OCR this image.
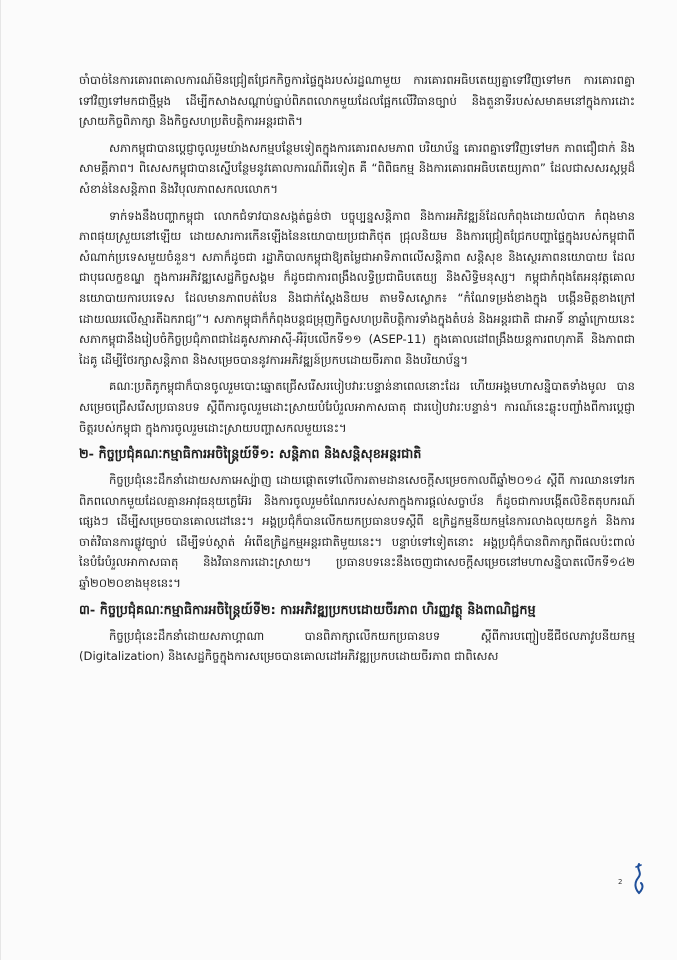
ចាំបាច់នៃការគោរពគោលការណ៍មិនជ្រៀតជ្រែកកិច្ចការផ្ទៃក្នុងរបស់រដ្ឋណាមួយ ការគោរពអធិបតេយ្យគ្នាទៅវិញទៅមក ការគោរពគ្នាទៅវិញទៅមកជាថ្មីម្តង ដើម្បីកសាងសណ្តាប់ធ្នាប់ពិភពលោកមួយដែលផ្អែកលើវិធានច្បាប់ និងតួនាទីរបស់សមាគមនៅក្នុងការដោះស្រាយកិច្ចពិភាក្សា និងកិច្ចសហប្រតិបត្តិការអន្តរជាតិ។

សភាកម្ពុជាបានប្តេជ្ញាចូលរួមយ៉ាងសកម្មបន្ថែមទៀតក្នុងការគោរពសមភាព បរិយាប័ន្ន គោរពគ្នាទៅវិញទៅមក ភាពជឿជាក់ និងសាមគ្គីភាព។ ពិសេសកម្ពុជាបានស្នើបន្ថែមនូវគោលការណ៍ពីរទៀត គឺ “ពិពិធកម្ម និងការគោរពអធិបតេយ្យភាព” ដែលជាសសរស្តម្ភដ៏សំខាន់នៃសន្តិភាព និងវិបុលភាពសកលលោក។

ទាក់ទងនឹងបញ្ហាកម្ពុជា លោកជំទាវបានសង្កត់ធ្ងន់ថា បច្ចុប្បន្នសន្តិភាព និងការអភិវឌ្ឍន៍ដែលកំពុងដោយលំបាក កំពុងមានភាពផុយស្រួយនៅឡើយ ដោយសារការកើនឡើងនៃនយោបាយប្រជាភិថុត ជ្រុលនិយម និងការជ្រៀតជ្រែកបញ្ហាផ្ទៃក្នុងរបស់កម្ពុជាពីសំណាក់ប្រទេសមួយចំនួន។ សភាក៏ដូចជា រដ្ឋាភិបាលកម្ពុជាឱ្យតម្លៃជាអាទិភាពលើសន្តិភាព សន្តិសុខ និងស្ថេរភាពនយោបាយ ដែលជាបុរេលក្ខខណ្ឌ ក្នុងការអភិវឌ្ឍសេដ្ឋកិច្ចសង្គម ក៏ដូចជាការពង្រឹងលទ្ធិប្រជាធិបតេយ្យ និងសិទ្ធិមនុស្ស។ កម្ពុជាកំពុងតែអនុវត្តគោលនយោបាយការបរទេស ដែលមានភាពបត់បែន និងជាក់ស្តែងនិយម តាមទិសស្លោក៖ “កំណែទម្រង់ខាងក្នុង បង្កើនមិត្តខាងក្រៅដោយឈរលើស្មារតីឯករាជ្យ”។ សភាកម្ពុជាក៏កំពុងបន្តជម្រុញកិច្ចសហប្រតិបត្តិការទាំងក្នុងតំបន់ និងអន្តរជាតិ ជាអាទិ៍ នាឆ្នាំក្រោយនេះ សភាកម្ពុជានឹងរៀបចំកិច្ចប្រជុំភាពជាដៃគូសភាអាស៊ី-អឺរ៉ុបលើកទី១១ (ASEP-11) ក្នុងគោលដៅពង្រឹងយន្តការពហុភាគី និងភាពជាដៃគូ ដើម្បីថែរក្សាសន្តិភាព និងសម្រេចបាននូវការអភិវឌ្ឍន៍ប្រកបដោយចីរភាព និងបរិយាប័ន្ន។

គណៈប្រតិភូកម្ពុជាក៏បានចូលរួមបោះឆ្នោតជ្រើសរើសរបៀបវារៈបន្ទាន់នាពេលនោះដែរ ហើយអង្គមហាសន្និបាតទាំងមូល បានសម្រេចជ្រើសរើសប្រធានបទ ស្តីពីការចូលរួមដោះស្រាយបំរែបំរួលអាកាសធាតុ ជារបៀបវារៈបន្ទាន់។ ការណ៍នេះឆ្លុះបញ្ចាំងពីការប្តេជ្ញាចិត្តរបស់កម្ពុជា ក្នុងការចូលរួមដោះស្រាយបញ្ហាសកលមួយនេះ។

២- កិច្ចប្រជុំគណៈកម្មាធិការអចិន្ត្រៃយ៍ទី១: សន្តិភាព និងសន្តិសុខអន្តរជាតិ

កិច្ចប្រជុំនេះដឹកនាំដោយសភាអេស្ប៉ាញ ដោយផ្តោតទៅលើការតាមដានសេចក្តីសម្រេចកាលពីឆ្នាំ២០១៤ ស្តីពី ការឈានទៅរកពិភពលោកមួយដែលគ្មានអាវុធនុយក្លេអ៊ែរ និងការចូលរួមចំណែករបស់សភាក្នុងការផ្តល់សច្ចាប័ន ក៏ដូចជាការបង្កើតលិខិតតុបករណ៍ផ្សេងៗ ដើម្បីសម្រេចបានគោលដៅនេះ។ អង្គប្រជុំក៏បានលើកយកប្រធានបទស្តីពី ឧក្រិដ្ឋកម្មនីយកម្មនៃការលាងលុយកខ្វក់ និងការចាត់វិធានការផ្លូវច្បាប់ ដើម្បីទប់ស្កាត់ អំពើឧក្រិដ្ឋកម្មអន្តរជាតិមួយនេះ។ បន្ទាប់ទៅទៀតនោះ អង្គប្រជុំក៏បានពិភាក្សាពីផលប៉ះពាល់នៃបំរែបំរួលអាកាសធាតុ និងវិធានការដោះស្រាយ។ ប្រធានបទនេះនឹងចេញជាសេចក្តីសម្រេចនៅមហាសន្និបាតលើកទី១៤២ ឆ្នាំ២០២០ខាងមុខនេះ។

៣- កិច្ចប្រជុំគណៈកម្មាធិការអចិន្ត្រៃយ៍ទី២: ការអភិវឌ្ឍប្រកបដោយចីរភាព ហិរញ្ញវត្ថុ និងពាណិជ្ជកម្ម

កិច្ចប្រជុំនេះដឹកនាំដោយសភាហ្គាណា បានពិភាក្សាលើកយកប្រធានបទ ស្តីពីការបញ្ជៀបឌីជីថលភាវូបនីយកម្ម (Digitalization) និងសេដ្ឋកិច្ចក្នុងការសម្រេចបានគោលដៅអភិវឌ្ឍប្រកបដោយចីរភាព ជាពិសេស

2
